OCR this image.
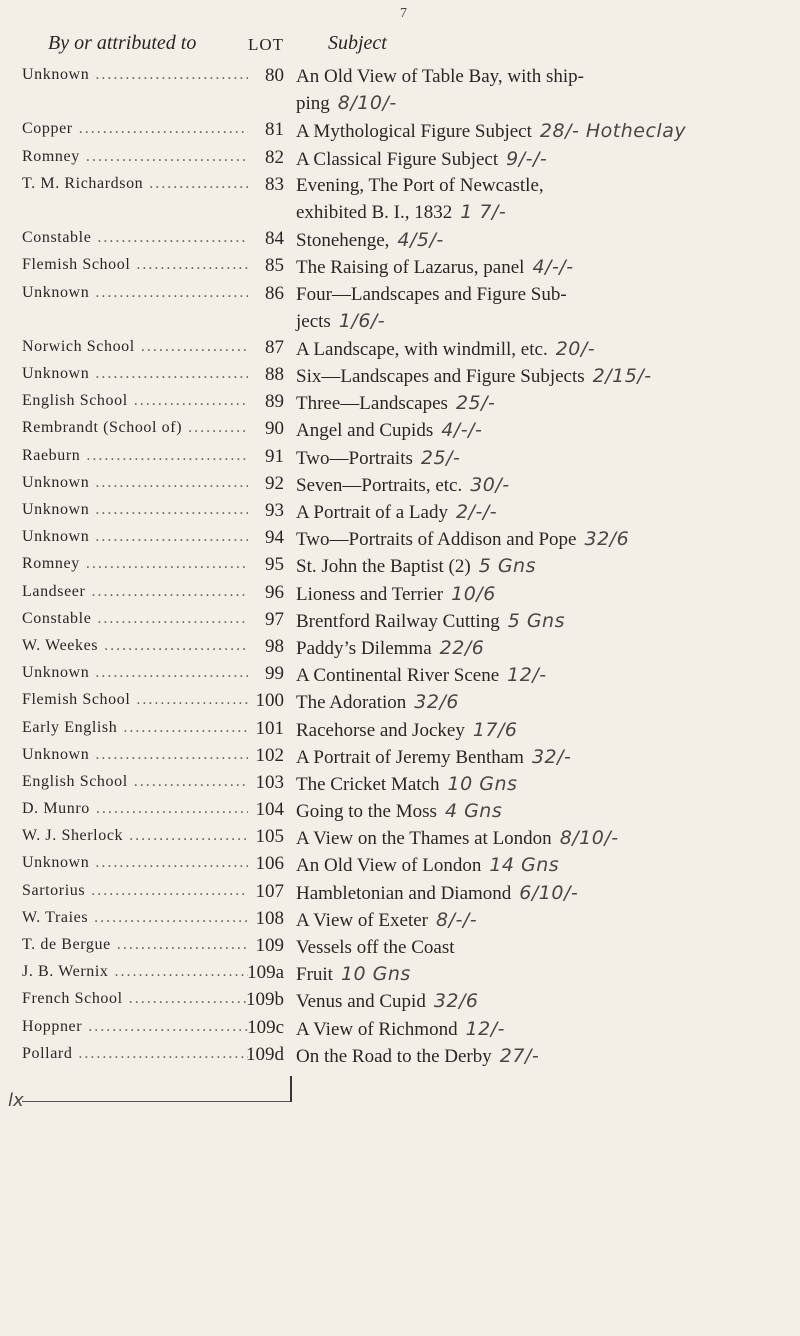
7
By or attributed to	LOT Subject
Unknown .....	80 An Old View of Table Bay, with ship-
ping 8/10/-
Copper .....	81 A Mythological Figure Subject 28/- Hotheclay
Romney .....	82 A Classical Figure Subject 9/-/-
T. M. Richardson .....	83 Evening, The Port of Newcastle,
exhibited B. I., 1832 1 7/-
Constable .....	84 Stonehenge, 4/5/-
Flemish School .....	85 The Raising of Lazarus, panel 4/-/-
Unknown .....	86 Four—Landscapes and Figure Sub-
jects 1/6/-
Norwich School .....	87 A Landscape, with windmill, etc. 20/-
Unknown .....	88 Six—Landscapes and Figure Subjects 2/15/-
English School .....	89 Three—Landscapes 25/-
Rembrandt (School of) .....	90 Angel and Cupids 4/-/-
Raeburn .....	91 Two—Portraits 25/-
Unknown .....	92 Seven—Portraits, etc. 30/-
Unknown .....	93 A Portrait of a Lady 2/-/-
Unknown .....	94 Two—Portraits of Addison and Pope 32/6
Romney .....	95 St. John the Baptist (2) 5 Gns
Landseer .....	96 Lioness and Terrier 10/6
Constable .....	97 Brentford Railway Cutting 5 Gns
W. Weekes .....	98 Paddy’s Dilemma 22/6
Unknown .....	99 A Continental River Scene 12/-
Flemish School .....	100 The Adoration 32/6
Early English .....	101 Racehorse and Jockey 17/6
Unknown .....	102 A Portrait of Jeremy Bentham 32/-
English School .....	103 The Cricket Match 10 Gns
D. Munro .....	104 Going to the Moss 4 Gns
W. J. Sherlock .....	105 A View on the Thames at London 8/10/-
Unknown .....	106 An Old View of London 14 Gns
Sartorius .....	107 Hambletonian and Diamond 6/10/-
W. Traies .....	108 A View of Exeter 8/-/-
T. de Bergue .....	109 Vessels off the Coast
J. B. Wernix .....	109a Fruit 10 Gns
French School .....	109b Venus and Cupid 32/6
Hoppner .....	109c A View of Richmond 12/-
Pollard .....	109d On the Road to the Derby 27/-
lx
